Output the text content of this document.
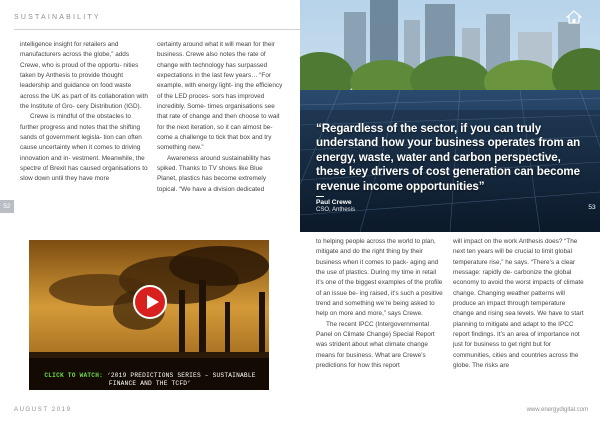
SUSTAINABILITY

intelligence insight for retailers and manufacturers across the globe,” adds Crewe, who is proud of the opportu- nities taken by Anthesis to provide thought leadership and guidance on food waste across the UK as part of its collaboration with the Institute of Gro- cery Distribution (IGD).

Crewe is mindful of the obstacles to further progress and notes that the shifting sands of government legisla- tion can often cause uncertainty when it comes to driving innovation and in- vestment. Meanwhile, the spectre of Brexit has caused organisations to slow down until they have more

certainty around what it will mean for their business. Crewe also notes the rate of change with technology has surpassed expectations in the last few years… “For example, with energy light- ing the efficiency of the LED proces- sors has improved incredibly. Some- times organisations see that rate of change and then choose to wait for the next iteration, so it can almost be- come a challenge to tick that box and try something new.”

Awareness around sustainability has spiked. Thanks to TV shows like Blue Planet, plastics has become extremely topical. “We have a division dedicated

52
“Regardless of the sector, if you can truly understand how your business operates from an energy, waste, water and carbon perspective, these key drivers of cost generation can become revenue income opportunities”
Paul Crewe
CSO, Anthesis	53
CLICK TO WATCH: ‘2019 PREDICTIONS SERIES – SUSTAINABLE FINANCE AND THE TCFD’

to helping people across the world to plan, mitigate and do the right thing by their business when it comes to pack- aging and the use of plastics. During my time in retail it’s one of the biggest examples of the profile of an issue be- ing raised, it’s such a positive trend and something we’re being asked to help on more and more,” says Crewe.

The recent IPCC (Intergovernmental Panel on Climate Change) Special Report was strident about what climate change means for business. What are Crewe’s predictions for how this report

will impact on the work Anthesis does? “The next ten years will be crucial to limit global temperature rise,” he says. “There’s a clear message: rapidly de- carbonize the global economy to avoid the worst impacts of climate change. Changing weather patterns will produce an impact through temperature change and rising sea levels. We have to start planning to mitigate and adapt to the IPCC report findings. It’s an area of importance not just for business to get right but for communities, cities and countries across the globe. The risks are

AUGUST 2019	www.energydigital.com
